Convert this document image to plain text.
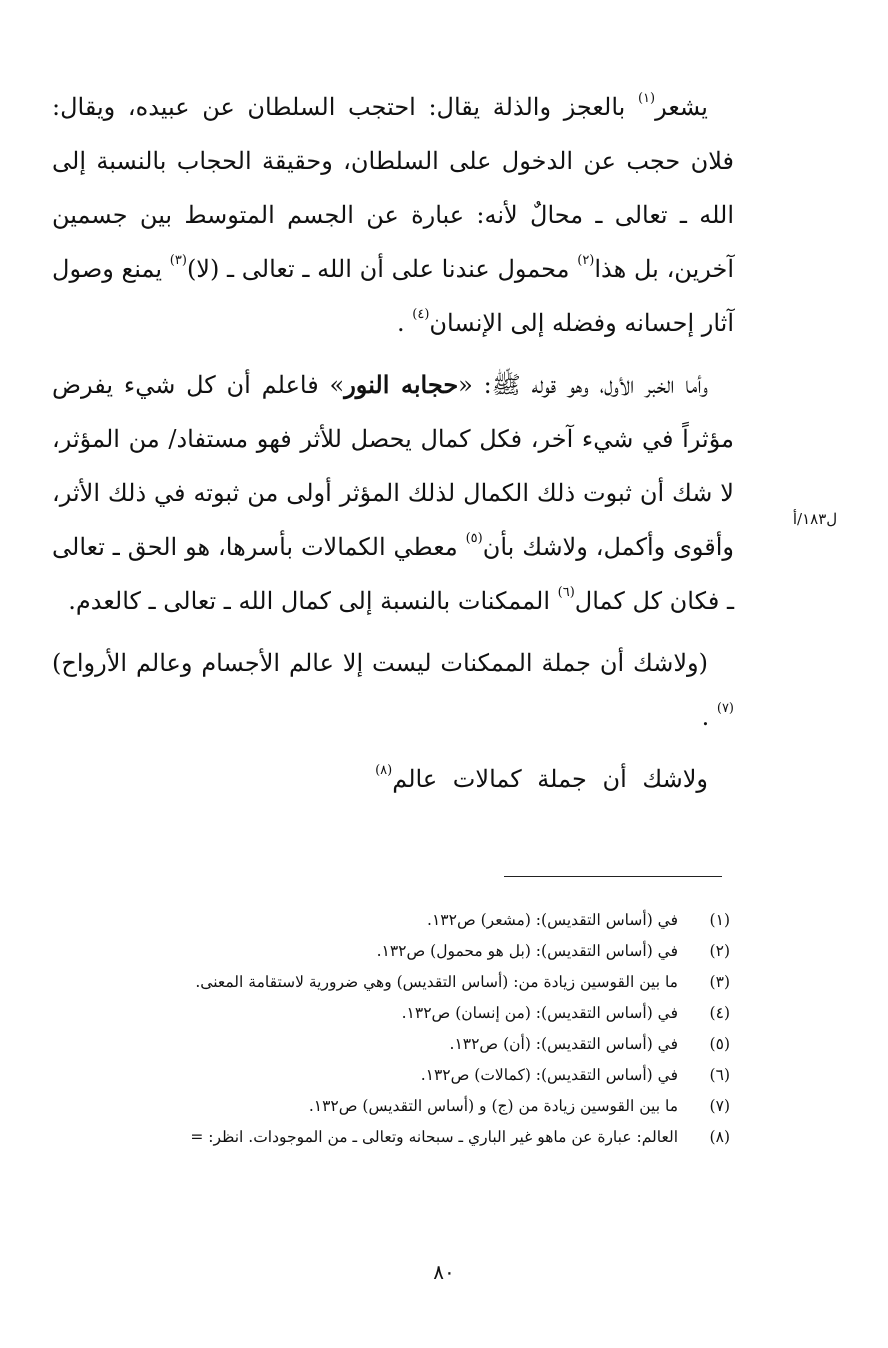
يشعر$^{(١)}$ بالعجز والذلة يقال: احتجب السلطان عن عبيده، ويقال: فلان حجب عن الدخول على السلطان، وحقيقة الحجاب بالنسبة إلى الله ـ تعالى ـ محالٌ لأنه: عبارة عن الجسم المتوسط بين جسمين آخرين، بل هذا$^{(٢)}$ محمول عندنا على أن الله ـ تعالى ـ (لا)$^{(٣)}$ يمنع وصول آثار إحسانه وفضله إلى الإنسان$^{(٤)}$ .

وأما الخبر الأول، وهو قوله ﷺ: «حجابه النور» فاعلم أن كل شيء يفرض مؤثراً في شيء آخر، فكل كمال يحصل للأثر فهو مستفاد/ من المؤثر، لا شك أن ثبوت ذلك الكمال لذلك المؤثر أولى من ثبوته في ذلك الأثر، وأقوى وأكمل، ولاشك بأن$^{(٥)}$ معطي الكمالات بأسرها، هو الحق ـ تعالى ـ فكان كل كمال$^{(٦)}$ الممكنات بالنسبة إلى كمال الله ـ تعالى ـ كالعدم.

(ولاشك أن جملة الممكنات ليست إلا عالم الأجسام وعالم الأرواح)$^{(٧)}$ .

ولاشك أن جملة كمالات عالم$^{(٨)}$

ل١٨٣/أ
(١)
في (أساس التقديس): (مشعر) ص١٣٢.
(٢)
في (أساس التقديس): (بل هو محمول) ص١٣٢.
(٣)
ما بين القوسين زيادة من: (أساس التقديس) وهي ضرورية لاستقامة المعنى.
(٤)
في (أساس التقديس): (من إنسان) ص١٣٢.
(٥)
في (أساس التقديس): (أن) ص١٣٢.
(٦)
في (أساس التقديس): (كمالات) ص١٣٢.
(٧)
ما بين القوسين زيادة من (ج) و (أساس التقديس) ص١٣٢.
(٨)
العالم: عبارة عن ماهو غير الباري ـ سبحانه وتعالى ـ من الموجودات. انظر: =
٨٠
